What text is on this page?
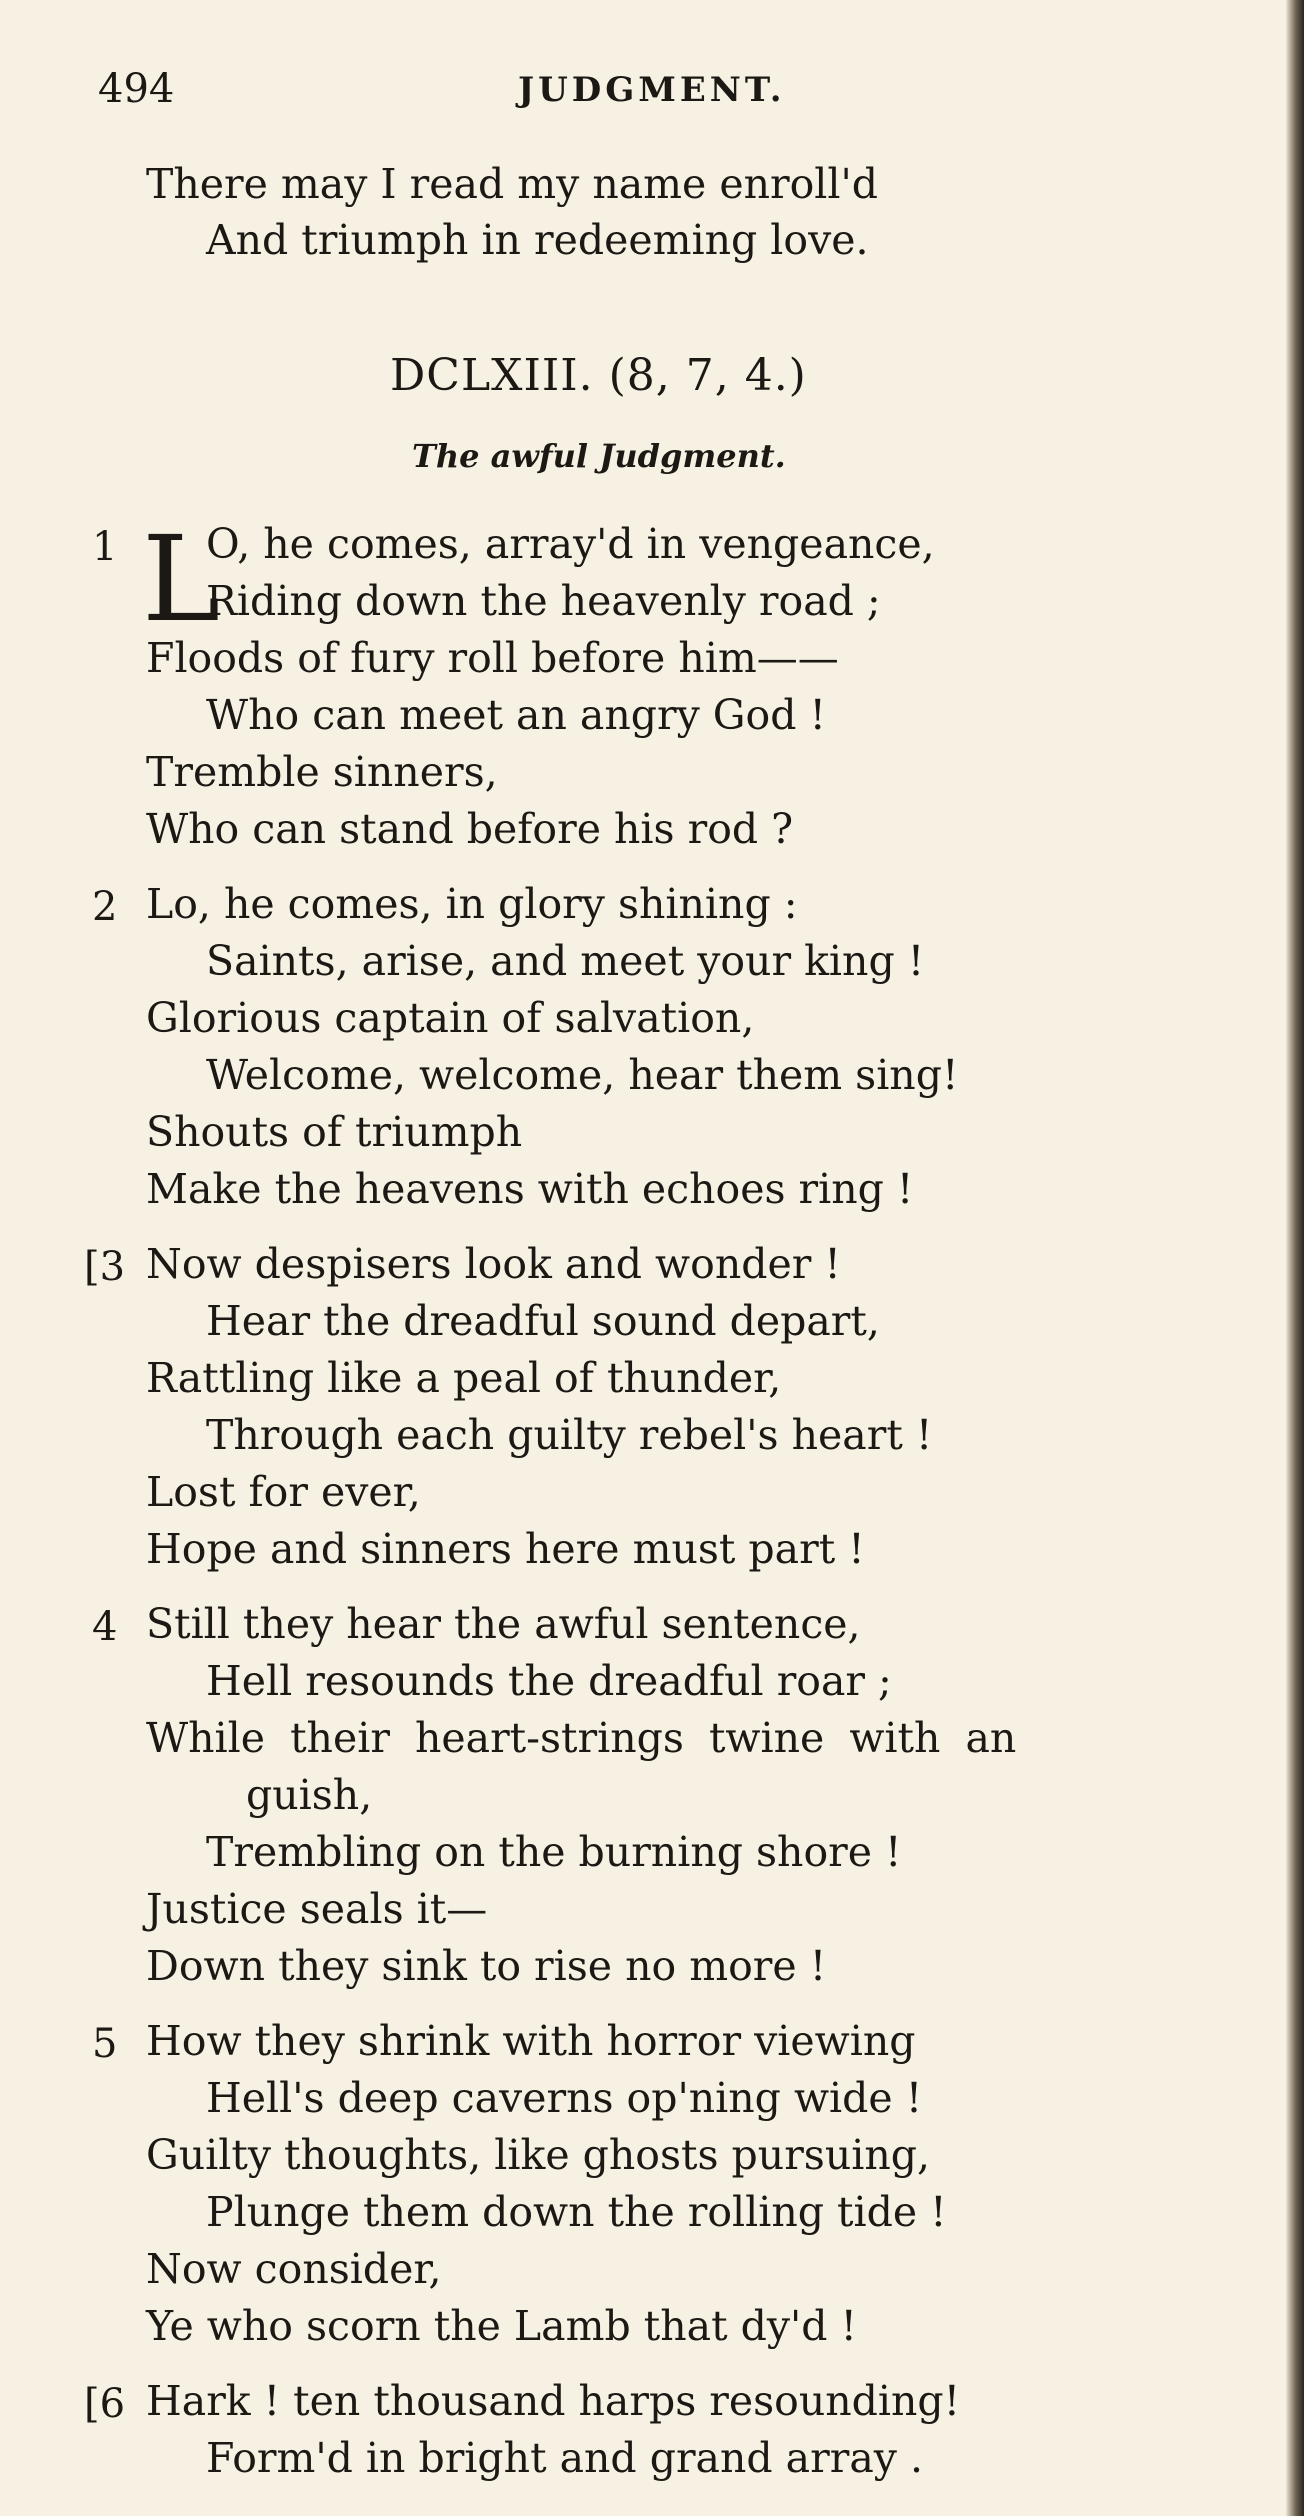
494	JUDGMENT.
There may I read my name enroll'd
And triumph in redeeming love.
DCLXIII. (8, 7, 4.)
The awful Judgment.
1 L
O, he comes, array'd in vengeance,
Riding down the heavenly road ;
Floods of fury roll before him——
Who can meet an angry God !
Tremble sinners,
Who can stand before his rod ?
2 Lo, he comes, in glory shining :
Saints, arise, and meet your king !
Glorious captain of salvation,
Welcome, welcome, hear them sing!
Shouts of triumph
Make the heavens with echoes ring !
[3 Now despisers look and wonder !
Hear the dreadful sound depart,
Rattling like a peal of thunder,
Through each guilty rebel's heart !
Lost for ever,
Hope and sinners here must part !
4 Still they hear the awful sentence,
Hell resounds the dreadful roar ;
While their heart-strings twine with an
guish,
Trembling on the burning shore !
Justice seals it—
Down they sink to rise no more !
5 How they shrink with horror viewing
Hell's deep caverns op'ning wide !
Guilty thoughts, like ghosts pursuing,
Plunge them down the rolling tide !
Now consider,
Ye who scorn the Lamb that dy'd !
[6 Hark ! ten thousand harps resounding!
Form'd in bright and grand array .
